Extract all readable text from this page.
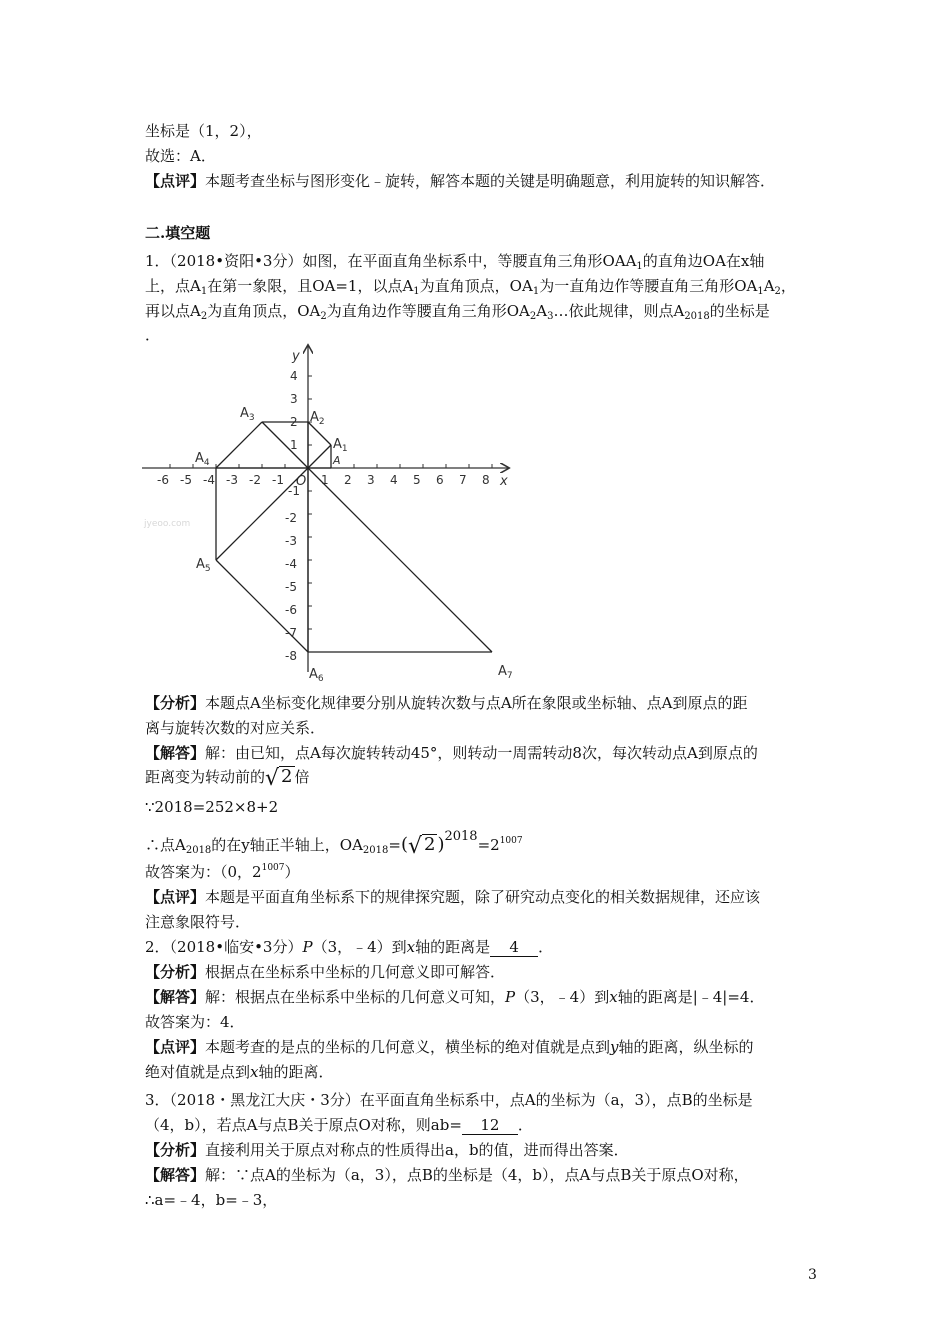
坐标是（1，2），
故选：A．
【点评】本题考查坐标与图形变化﹣旋转，解答本题的关键是明确题意，利用旋转的知识解答．
二.填空题
1．（2018•资阳•3分）如图，在平面直角坐标系中，等腰直角三角形$OAA_1$的直角边OA在x轴
上，点$A_1$在第一象限，且OA=1，以点$A_1$为直角顶点，$OA_1$为一直角边作等腰直角三角形$OA_1A_2$，
再以点$A_2$为直角顶点，$OA_2$为直角边作等腰直角三角形$OA_2A_3\dots$依此规律，则点$A_{2018}$的坐标是
．
jyeoo.com
x
y
-6 -5 -4 -3 -2 -1	1 2 3 4 5 6 7 8
4
3
2
1
-1
-2
-3
-4
-5
-6
-7
-8
O
A
$A_1$
$A_2$
$A_3$
$A_4$
$A_5$
$A_6$	$A_7$
【分析】本题点A坐标变化规律要分别从旋转次数与点A所在象限或坐标轴、点A到原点的距
离与旋转次数的对应关系．
【解答】解：由已知，点A每次旋转转动45°，则转动一周需转动8次，每次转动点A到原点的
距离变为转动前的√ 2 倍
∵2018=252×8+2
∴点$A_{2018}$的在y轴正半轴上，$OA_{2018}=(√$ 2 )$2018=2^{1007}$
故答案为：（0，$2^{1007}$）
【点评】本题是平面直角坐标系下的规律探究题，除了研究动点变化的相关数据规律，还应该
注意象限符号．
2．（2018•临安•3分）P（3，﹣4）到x轴的距离是 4 ．
【分析】根据点在坐标系中坐标的几何意义即可解答．
【解答】解：根据点在坐标系中坐标的几何意义可知，P（3，﹣4）到x轴的距离是|﹣4|=4．
故答案为：4．
【点评】本题考查的是点的坐标的几何意义，横坐标的绝对值就是点到y轴的距离，纵坐标的
绝对值就是点到x轴的距离．
3．（2018・黑龙江大庆・3分）在平面直角坐标系中，点A的坐标为（a，3），点B的坐标是
（4，b），若点A与点B关于原点O对称，则ab= 12 ．
【分析】直接利用关于原点对称点的性质得出a，b的值，进而得出答案．
【解答】解：∵点A的坐标为（a，3），点B的坐标是（4，b），点A与点B关于原点O对称，
∴a=﹣4，b=﹣3，
3
